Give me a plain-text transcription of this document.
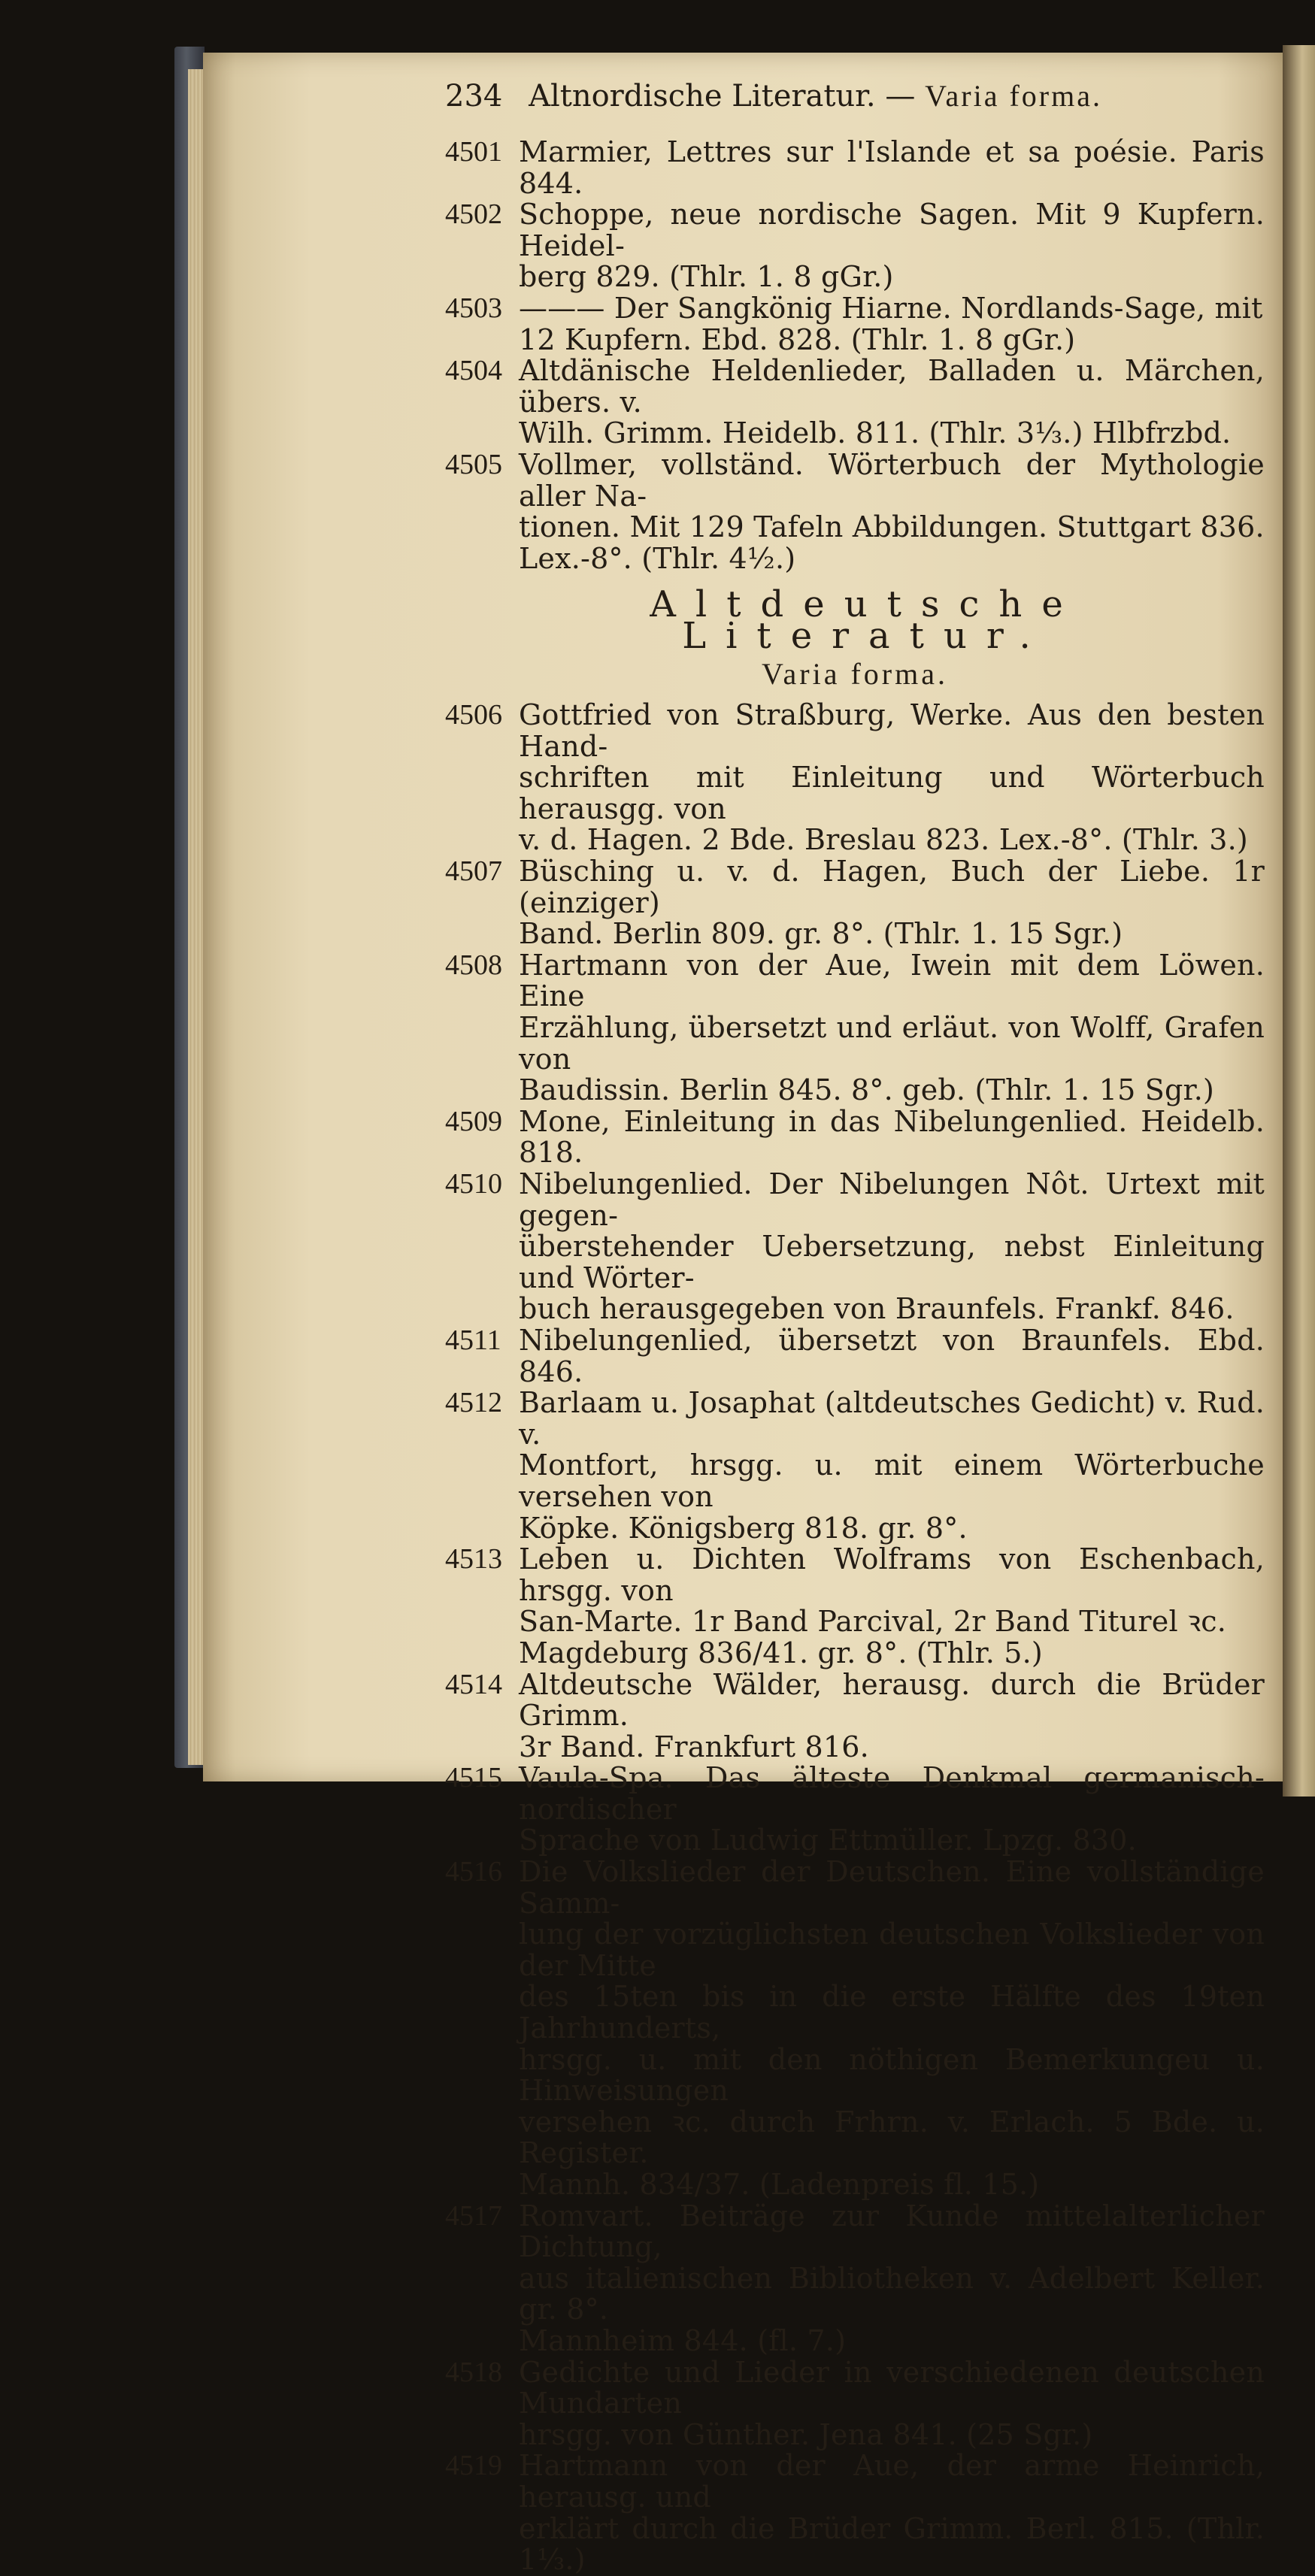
234 Altnordische Literatur. — Varia forma.
4501 Marmier, Lettres sur l'Islande et sa poésie. Paris 844.
4502 Schoppe, neue nordische Sagen. Mit 9 Kupfern. Heidel-
berg 829. (Thlr. 1. 8 gGr.)
4503 ——— Der Sangkönig Hiarne. Nordlands-Sage, mit
12 Kupfern. Ebd. 828. (Thlr. 1. 8 gGr.)
4504 Altdänische Heldenlieder, Balladen u. Märchen, übers. v.
Wilh. Grimm. Heidelb. 811. (Thlr. 3⅓.) Hlbfrzbd.
4505 Vollmer, vollständ. Wörterbuch der Mythologie aller Na-
tionen. Mit 129 Tafeln Abbildungen. Stuttgart 836.
Lex.-8°. (Thlr. 4½.)
Altdeutsche Literatur.
Varia forma.
4506 Gottfried von Straßburg, Werke. Aus den besten Hand-
schriften mit Einleitung und Wörterbuch herausgg. von
v. d. Hagen. 2 Bde. Breslau 823. Lex.-8°. (Thlr. 3.)
4507 Büsching u. v. d. Hagen, Buch der Liebe. 1r (einziger)
Band. Berlin 809. gr. 8°. (Thlr. 1. 15 Sgr.)
4508 Hartmann von der Aue, Iwein mit dem Löwen. Eine
Erzählung, übersetzt und erläut. von Wolff, Grafen von
Baudissin. Berlin 845. 8°. geb. (Thlr. 1. 15 Sgr.)
4509 Mone, Einleitung in das Nibelungenlied. Heidelb. 818.
4510 Nibelungenlied. Der Nibelungen Nôt. Urtext mit gegen-
überstehender Uebersetzung, nebst Einleitung und Wörter-
buch herausgegeben von Braunfels. Frankf. 846.
4511 Nibelungenlied, übersetzt von Braunfels. Ebd. 846.
4512 Barlaam u. Josaphat (altdeutsches Gedicht) v. Rud. v.
Montfort, hrsgg. u. mit einem Wörterbuche versehen von
Köpke. Königsberg 818. gr. 8°.
4513 Leben u. Dichten Wolframs von Eschenbach, hrsgg. von
San-Marte. 1r Band Parcival, 2r Band Titurel ꝛc.
Magdeburg 836/41. gr. 8°. (Thlr. 5.)
4514 Altdeutsche Wälder, herausg. durch die Brüder Grimm.
3r Band. Frankfurt 816.
4515 Vaula-Spa. Das älteste Denkmal germanisch-nordischer
Sprache von Ludwig Ettmüller. Lpzg. 830.
4516 Die Volkslieder der Deutschen. Eine vollständige Samm-
lung der vorzüglichsten deutschen Volkslieder von der Mitte
des 15ten bis in die erste Hälfte des 19ten Jahrhunderts,
hrsgg. u. mit den nöthigen Bemerkungeu u. Hinweisungen
versehen ꝛc. durch Frhrn. v. Erlach. 5 Bde. u. Register.
Mannh. 834/37. (Ladenpreis fl. 15.)
4517 Romvart. Beiträge zur Kunde mittelalterlicher Dichtung,
aus italienischen Bibliotheken v. Adelbert Keller. gr. 8°.
Mannheim 844. (fl. 7.)
4518 Gedichte und Lieder in verschiedenen deutschen Mundarten
hrsgg. von Günther. Jena 841. (25 Sgr.)
4519 Hartmann von der Aue, der arme Heinrich, herausg. und
erklärt durch die Brüder Grimm. Berl. 815. (Thlr. 1⅓.)
